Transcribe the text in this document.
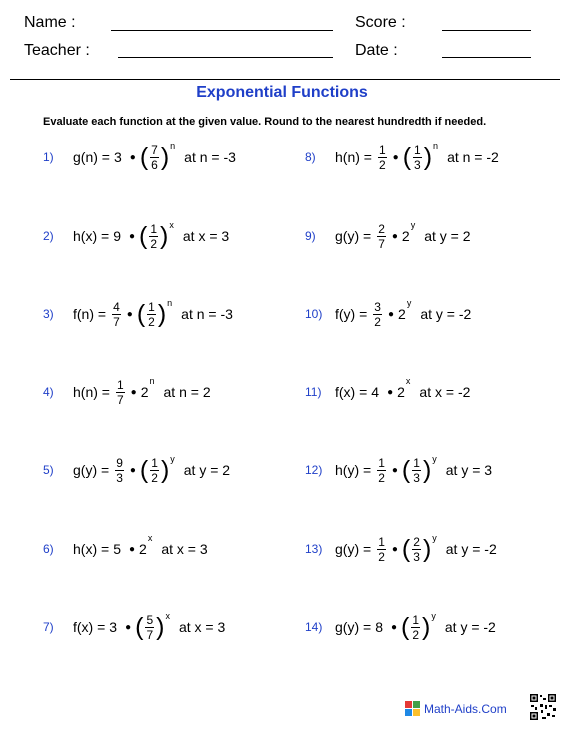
Name :	Score :
Teacher :	Date :
Exponential Functions
Evaluate each function at the given value. Round to the nearest hundredth if needed.
1)	g(n) = 3 ● ( $\frac{7}{6}$ ) n
at n = -3
2)	h(x) = 9 ● ( $\frac{1}{2}$ ) x
at x = 3
3)	$f(n) = \frac{4}{7}$ ● ( $\frac{1}{2}$ ) n
at n = -3
4)	$h(n) = \frac{1}{7}$ ● 2
n
at n = 2
5)	$g(y) = \frac{9}{3}$ ● ( $\frac{1}{2}$ ) y
at y = 2
6)	h(x) = 5 ● 2
x
at x = 3
7)	f(x) = 3 ● ( $\frac{5}{7}$ ) x
at x = 3
8)	$h(n) = \frac{1}{2}$ ● ( $\frac{1}{3}$ ) n
at n = -2
9)	$g(y) = \frac{2}{7}$ ● 2
y
at y = 2
10) $f(y) = \frac{3}{2}$ ● 2
y
at y = -2
11) f(x) = 4 ● 2
x
at x = -2
12) $h(y) = \frac{1}{2}$ ● ( $\frac{1}{3}$ ) y
at y = 3
13) $g(y) = \frac{1}{2}$ ● ( $\frac{2}{3}$ ) y
at y = -2
14) g(y) = 8 ● ( $\frac{1}{2}$ ) y
at y = -2
Math-Aids.Com
